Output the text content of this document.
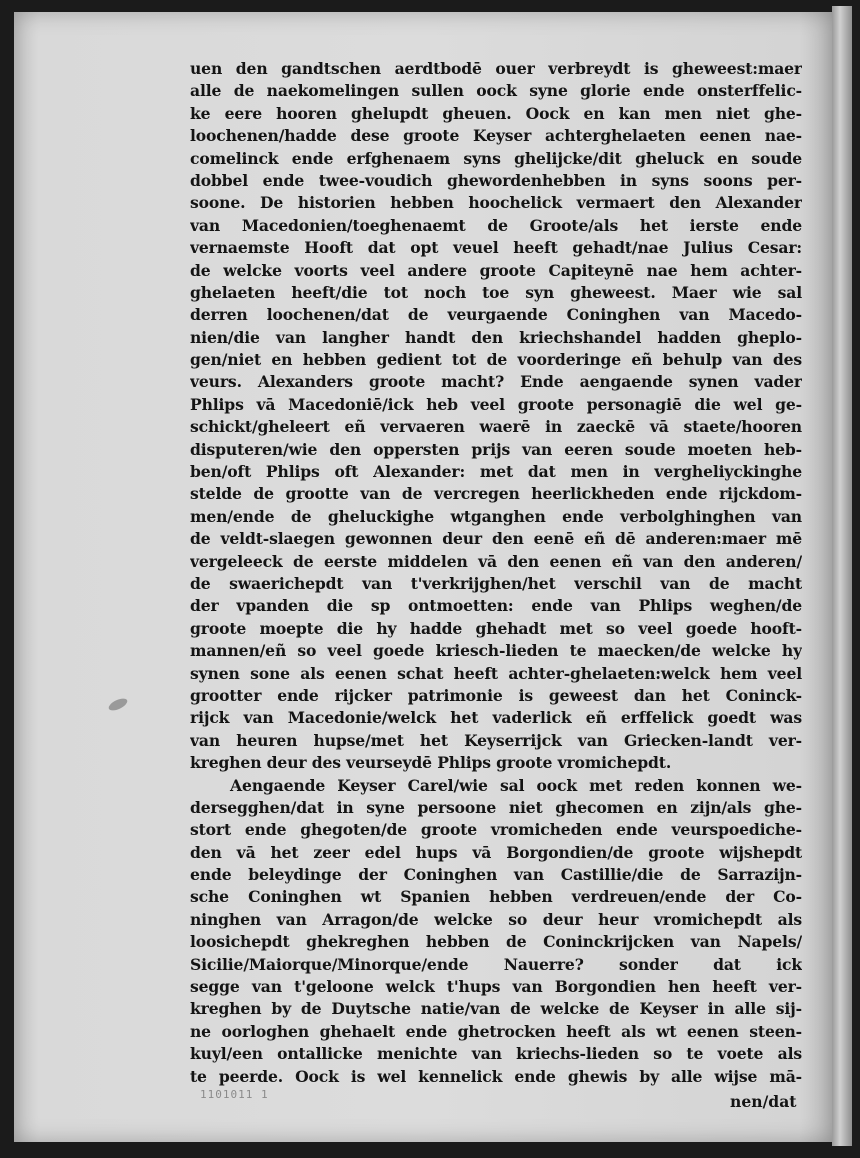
uen den gandtschen aerdtbodē ouer verbreydt is gheweest:maer
alle de naekomelingen sullen oock syne glorie ende onsterffelic-
ke eere hooren ghelupdt gheuen. Oock en kan men niet ghe-
loochenen/hadde dese groote Keyser achterghelaeten eenen nae-
comelinck ende erfghenaem syns ghelijcke/dit gheluck en soude
dobbel ende twee-voudich ghewordenhebben in syns soons per-
soone. De historien hebben hoochelick vermaert den Alexander
van Macedonien/toeghenaemt de Groote/als het ierste ende
vernaemste Hooft dat opt veuel heeft gehadt/nae Julius Cesar:
de welcke voorts veel andere groote Capiteynē nae hem achter-
ghelaeten heeft/die tot noch toe syn gheweest. Maer wie sal
derren loochenen/dat de veurgaende Coninghen van Macedo-
nien/die van langher handt den kriechshandel hadden gheplo-
gen/niet en hebben gedient tot de voorderinge eñ behulp van des
veurs. Alexanders groote macht? Ende aengaende synen vader
Phlips vā Macedoniē/ick heb veel groote personagiē die wel ge-
schickt/gheleert eñ vervaeren waerē in zaeckē vā staete/hooren
disputeren/wie den oppersten prijs van eeren soude moeten heb-
ben/oft Phlips oft Alexander: met dat men in vergheliyckinghe
stelde de grootte van de vercregen heerlickheden ende rijckdom-
men/ende de gheluckighe wtganghen ende verbolghinghen van
de veldt-slaegen gewonnen deur den eenē eñ dē anderen:maer mē
vergeleeck de eerste middelen vā den eenen eñ van den anderen/
de swaerichepdt van t'verkrijghen/het verschil van de macht
der vpanden die sp ontmoetten: ende van Phlips weghen/de
groote moepte die hy hadde ghehadt met so veel goede hooft-
mannen/eñ so veel goede kriesch-lieden te maecken/de welcke hy
synen sone als eenen schat heeft achter-ghelaeten:welck hem veel
grootter ende rijcker patrimonie is geweest dan het Coninck-
rijck van Macedonie/welck het vaderlick eñ erffelick goedt was
van heuren hupse/met het Keyserrijck van Griecken-landt ver-
kreghen deur des veurseydē Phlips groote vromichepdt.
Aengaende Keyser Carel/wie sal oock met reden konnen we-
dersegghen/dat in syne persoone niet ghecomen en zijn/als ghe-
stort ende ghegoten/de groote vromicheden ende veurspoediche-
den vā het zeer edel hups vā Borgondien/de groote wijshepdt
ende beleydinge der Coninghen van Castillie/die de Sarrazijn-
sche Coninghen wt Spanien hebben verdreuen/ende der Co-
ninghen van Arragon/de welcke so deur heur vromichepdt als
loosichepdt ghekreghen hebben de Coninckrijcken van Napels/
Sicilie/Maiorque/Minorque/ende Nauerre? sonder dat ick
segge van t'geloone welck t'hups van Borgondien hen heeft ver-
kreghen by de Duytsche natie/van de welcke de Keyser in alle sij-
ne oorloghen ghehaelt ende ghetrocken heeft als wt eenen steen-
kuyl/een ontallicke menichte van kriechs-lieden so te voete als
te peerde. Oock is wel kennelick ende ghewis by alle wijse mā-
1101011 1	nen/dat
